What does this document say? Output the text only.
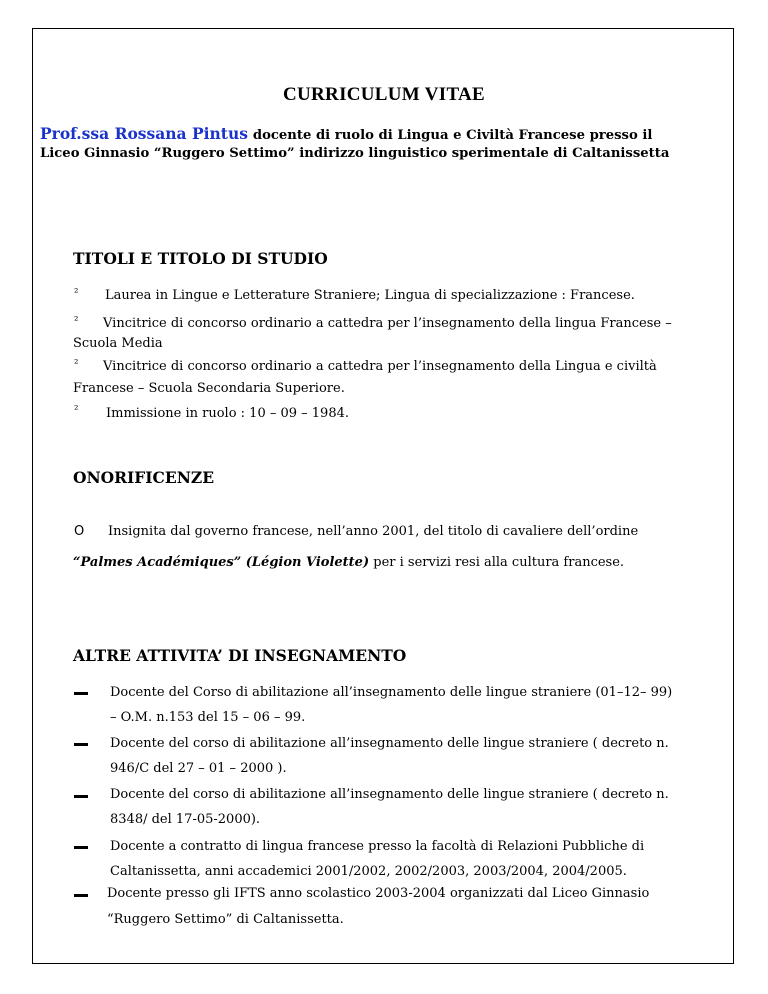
CURRICULUM VITAE
Prof.ssa Rossana Pintus docente di ruolo di Lingua e Civiltà Francese presso il
Liceo Ginnasio “Ruggero Settimo” indirizzo linguistico sperimentale di Caltanissetta
TITOLI E TITOLO DI STUDIO
² Laurea in Lingue e Letterature Straniere; Lingua di specializzazione : Francese.
² Vincitrice di concorso ordinario a cattedra per l’insegnamento della lingua Francese –
Scuola Media
² Vincitrice di concorso ordinario a cattedra per l’insegnamento della Lingua e civiltà
Francese – Scuola Secondaria Superiore.
² Immissione in ruolo : 10 – 09 – 1984.
ONORIFICENZE
O Insignita dal governo francese, nell’anno 2001, del titolo di cavaliere dell’ordine
“Palmes Académiques” (Légion Violette) per i servizi resi alla cultura francese.
ALTRE ATTIVITA’ DI INSEGNAMENTO
Docente del Corso di abilitazione all’insegnamento delle lingue straniere (01–12– 99)
– O.M. n.153 del 15 – 06 – 99.
Docente del corso di abilitazione all’insegnamento delle lingue straniere ( decreto n.
946/C del 27 – 01 – 2000 ).
Docente del corso di abilitazione all’insegnamento delle lingue straniere ( decreto n.
8348/ del 17-05-2000).
Docente a contratto di lingua francese presso la facoltà di Relazioni Pubbliche di
Caltanissetta, anni accademici 2001/2002, 2002/2003, 2003/2004, 2004/2005.
Docente presso gli IFTS anno scolastico 2003-2004 organizzati dal Liceo Ginnasio
“Ruggero Settimo” di Caltanissetta.
